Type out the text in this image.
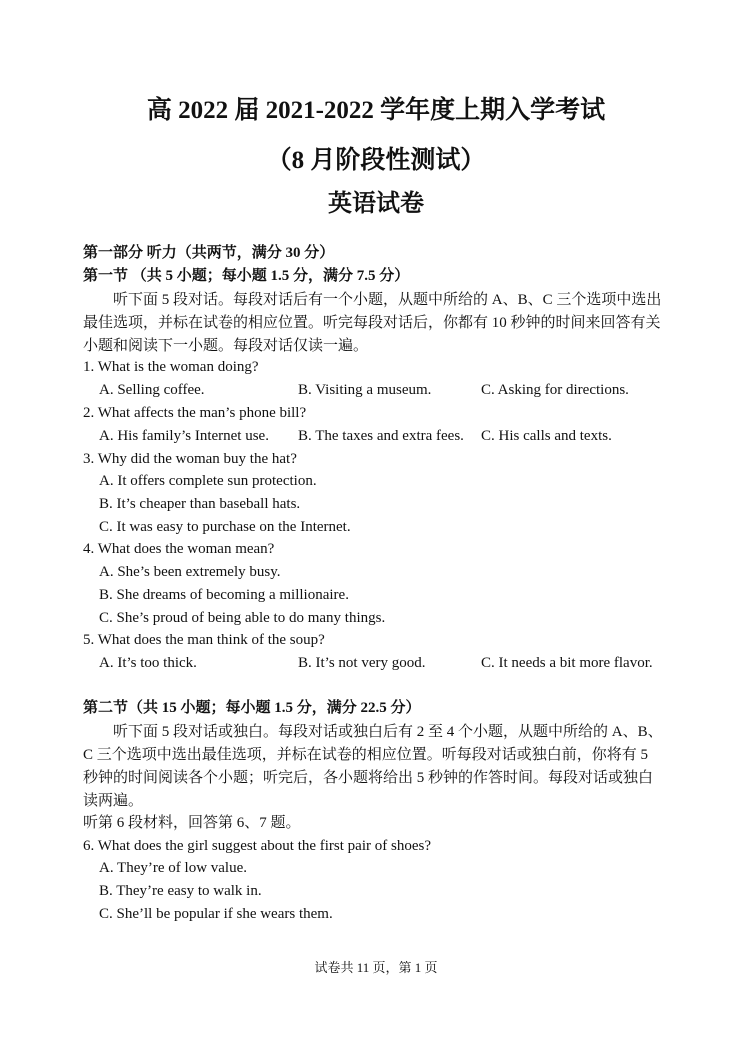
高 2022 届 2021-2022 学年度上期入学考试
（8 月阶段性测试）
英语试卷
第一部分 听力（共两节，满分 30 分）
第一节 （共 5 小题；每小题 1.5 分，满分 7.5 分）
听下面 5 段对话。每段对话后有一个小题，从题中所给的 A、B、C 三个选项中选出
最佳选项，并标在试卷的相应位置。听完每段对话后，你都有 10 秒钟的时间来回答有关
小题和阅读下一小题。每段对话仅读一遍。
1. What is the woman doing?
A. Selling coffee.	B. Visiting a museum.	C. Asking for directions.
2. What affects the man’s phone bill?
A. His family’s Internet use. B. The taxes and extra fees. C. His calls and texts.
3. Why did the woman buy the hat?
A. It offers complete sun protection.
B. It’s cheaper than baseball hats.
C. It was easy to purchase on the Internet.
4. What does the woman mean?
A. She’s been extremely busy.
B. She dreams of becoming a millionaire.
C. She’s proud of being able to do many things.
5. What does the man think of the soup?
A. It’s too thick.	B. It’s not very good.	C. It needs a bit more flavor.
第二节（共 15 小题；每小题 1.5 分，满分 22.5 分）
听下面 5 段对话或独白。每段对话或独白后有 2 至 4 个小题，从题中所给的 A、B、
C 三个选项中选出最佳选项，并标在试卷的相应位置。听每段对话或独白前，你将有 5
秒钟的时间阅读各个小题；听完后，各小题将给出 5 秒钟的作答时间。每段对话或独白
读两遍。
听第 6 段材料，回答第 6、7 题。
6. What does the girl suggest about the first pair of shoes?
A. They’re of low value.
B. They’re easy to walk in.
C. She’ll be popular if she wears them.
试卷共 11 页，第 1 页
